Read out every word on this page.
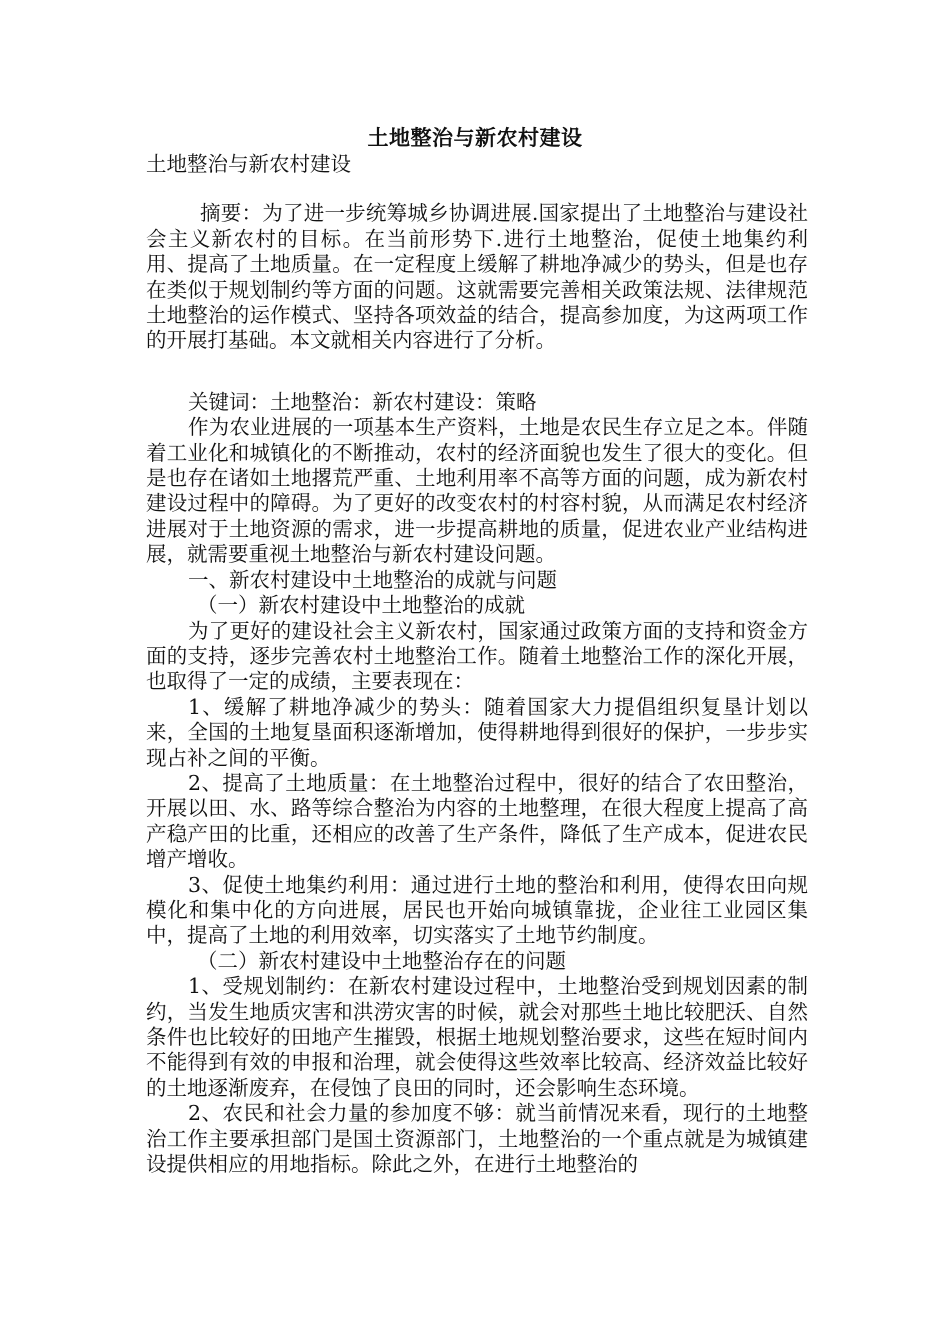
土地整治与新农村建设

土地整治与新农村建设

摘要：为了进一步统筹城乡协调进展.国家提出了土地整治与建设社会主义新农村的目标。在当前形势下.进行土地整治，促使土地集约利用、提高了土地质量。在一定程度上缓解了耕地净减少的势头，但是也存在类似于规划制约等方面的问题。这就需要完善相关政策法规、法律规范土地整治的运作模式、坚持各项效益的结合，提高参加度，为这两项工作的开展打基础。本文就相关内容进行了分析。

关键词：土地整治：新农村建设：策略

作为农业进展的一项基本生产资料，土地是农民生存立足之本。伴随着工业化和城镇化的不断推动，农村的经济面貌也发生了很大的变化。但是也存在诸如土地撂荒严重、土地利用率不高等方面的问题，成为新农村建设过程中的障碍。为了更好的改变农村的村容村貌，从而满足农村经济进展对于土地资源的需求，进一步提高耕地的质量，促进农业产业结构进展，就需要重视土地整治与新农村建设问题。

一、新农村建设中土地整治的成就与问题

（一）新农村建设中土地整治的成就

为了更好的建设社会主义新农村，国家通过政策方面的支持和资金方面的支持，逐步完善农村土地整治工作。随着土地整治工作的深化开展，也取得了一定的成绩，主要表现在：

1、缓解了耕地净减少的势头：随着国家大力提倡组织复垦计划以来，全国的土地复垦面积逐渐增加，使得耕地得到很好的保护，一步步实现占补之间的平衡。

2、提高了土地质量：在土地整治过程中，很好的结合了农田整治，开展以田、水、路等综合整治为内容的土地整理，在很大程度上提高了高产稳产田的比重，还相应的改善了生产条件，降低了生产成本，促进农民增产增收。

3、促使土地集约利用：通过进行土地的整治和利用，使得农田向规模化和集中化的方向进展，居民也开始向城镇靠拢，企业往工业园区集中，提高了土地的利用效率，切实落实了土地节约制度。

（二）新农村建设中土地整治存在的问题

1、受规划制约：在新农村建设过程中，土地整治受到规划因素的制约，当发生地质灾害和洪涝灾害的时候，就会对那些土地比较肥沃、自然条件也比较好的田地产生摧毁，根据土地规划整治要求，这些在短时间内不能得到有效的申报和治理，就会使得这些效率比较高、经济效益比较好的土地逐渐废弃，在侵蚀了良田的同时，还会影响生态环境。

2、农民和社会力量的参加度不够：就当前情况来看，现行的土地整治工作主要承担部门是国土资源部门，土地整治的一个重点就是为城镇建设提供相应的用地指标。除此之外，在进行土地整治的
